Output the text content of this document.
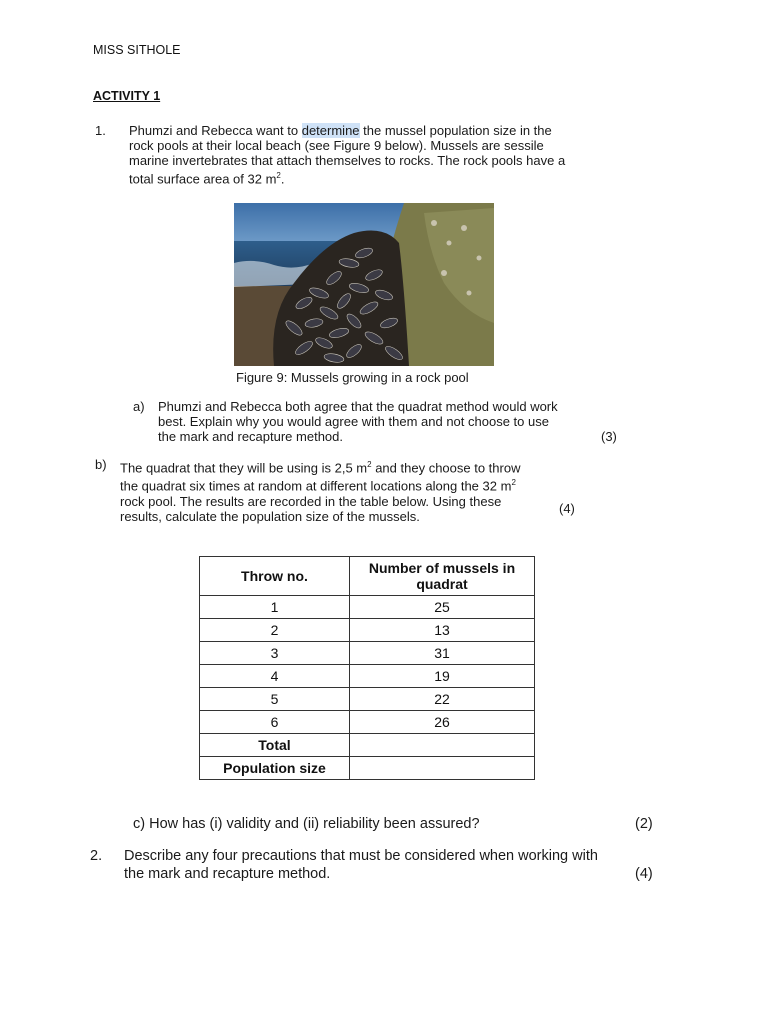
MISS SITHOLE
ACTIVITY 1
1. Phumzi and Rebecca want to determine the mussel population size in the
rock pools at their local beach (see Figure 9 below). Mussels are sessile
marine invertebrates that attach themselves to rocks. The rock pools have a
total surface area of 32 $m^2$.
Figure 9: Mussels growing in a rock pool
a) Phumzi and Rebecca both agree that the quadrat method would work
best. Explain why you would agree with them and not choose to use
the mark and recapture method.	(3)
b) The quadrat that they will be using is 2,5 $m^2$ and they choose to throw
the quadrat six times at random at different locations along the 32 $m^2$
rock pool. The results are recorded in the table below. Using these
results, calculate the population size of the mussels.
(4)
Throw no.	Number of mussels in
quadrat

1	25
2	13
3	31
4	19
5	22
6	26
Total	
Population size	
c) How has (i) validity and (ii) reliability been assured?	(2)
2. Describe any four precautions that must be considered when working with
the mark and recapture method.	(4)
